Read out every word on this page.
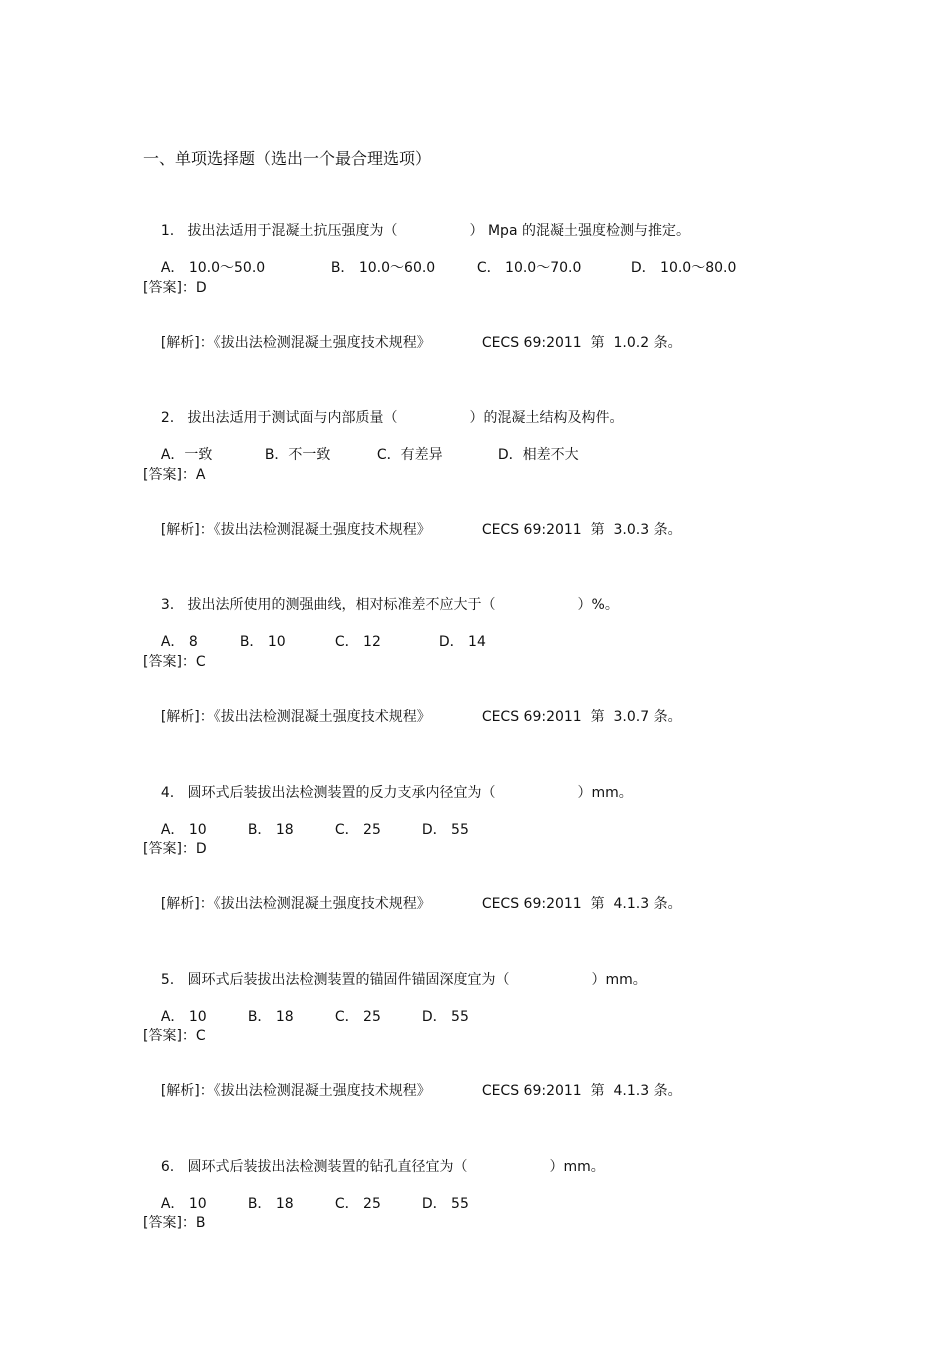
一、单项选择题（选出一个最合理选项）

1.   拔出法适用于混凝土抗压强度为（	） Mpa 的混凝土强度检测与推定。

A． 10.0～50.0	B． 10.0～60.0	C． 10.0～70.0	D． 10.0～80.0

[答案]：D

[解析]：《拔出法检测混凝土强度技术规程》	CECS 69:2011  第  1.0.2 条。

2.   拔出法适用于测试面与内部质量（	）的混凝土结构及构件。

A．一致	B．不一致	C．有差异	D．相差不大

[答案]：A

[解析]：《拔出法检测混凝土强度技术规程》	CECS 69:2011  第  3.0.3 条。

3.   拔出法所使用的测强曲线，相对标准差不应大于（	）%。

A． 8	B． 10	C． 12	D． 14

[答案]：C

[解析]：《拔出法检测混凝土强度技术规程》	CECS 69:2011  第  3.0.7 条。

4.   圆环式后装拔出法检测装置的反力支承内径宜为（	）mm。

A． 10	B． 18	C． 25	D． 55

[答案]：D

[解析]：《拔出法检测混凝土强度技术规程》	CECS 69:2011  第  4.1.3 条。

5.   圆环式后装拔出法检测装置的锚固件锚固深度宜为（	）mm。

A． 10	B． 18	C． 25	D． 55

[答案]：C

[解析]：《拔出法检测混凝土强度技术规程》	CECS 69:2011  第  4.1.3 条。

6.   圆环式后装拔出法检测装置的钻孔直径宜为（	）mm。

A． 10	B． 18	C． 25	D． 55

[答案]：B
